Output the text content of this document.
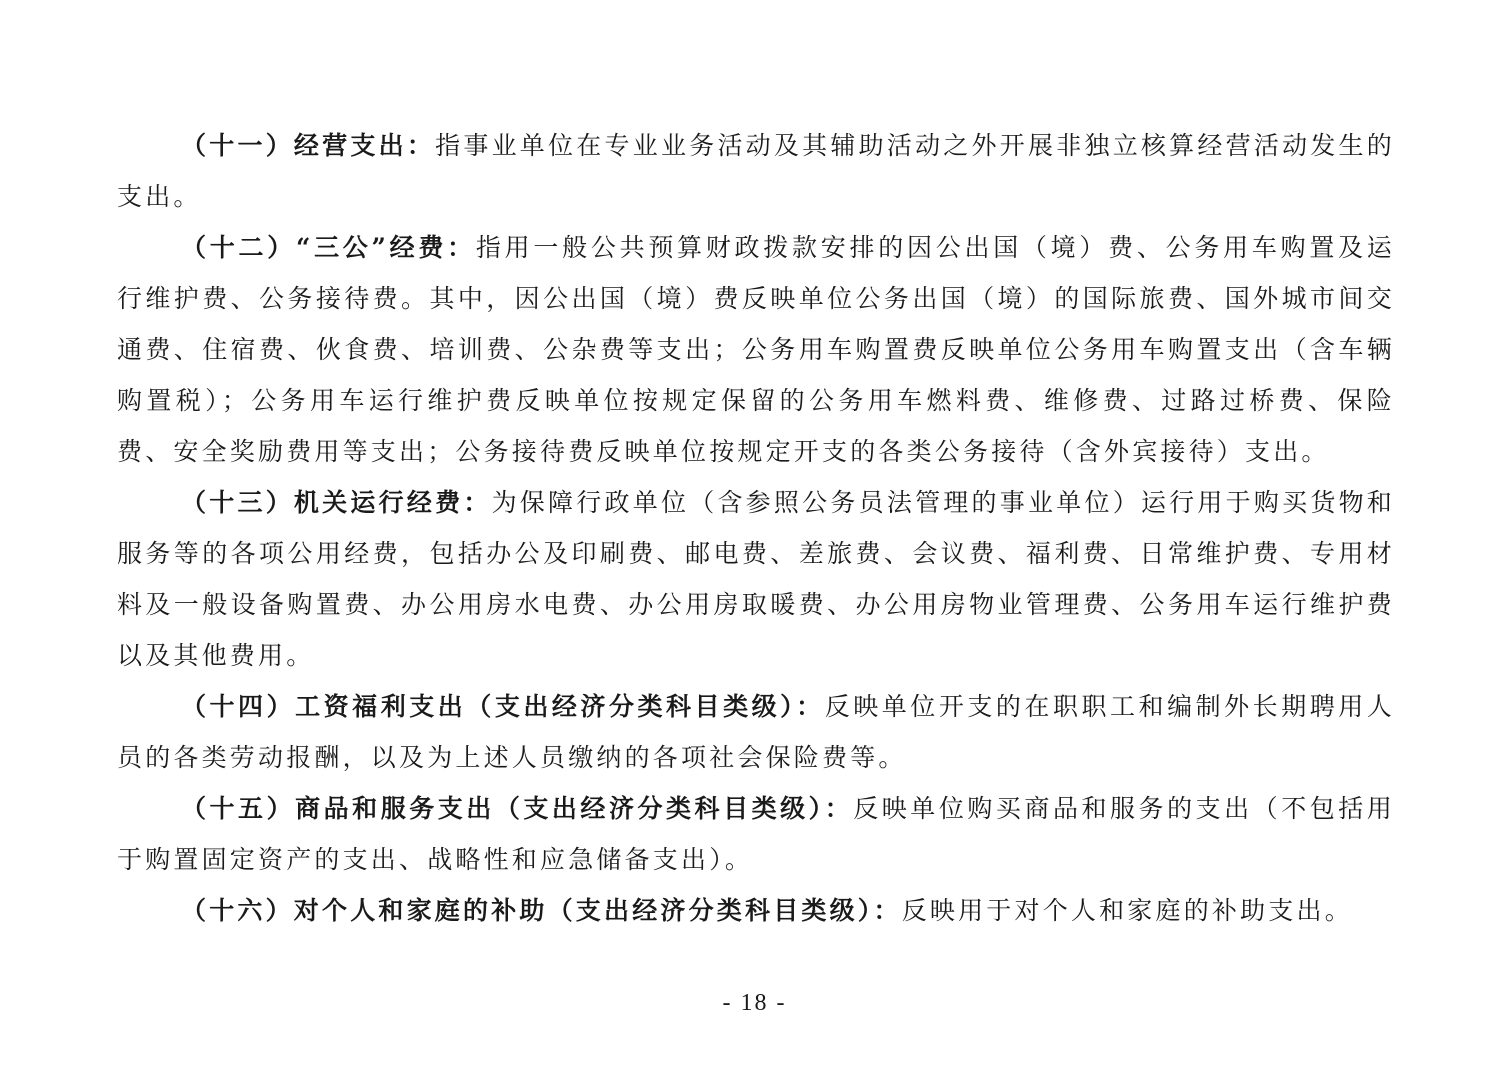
（十一）经营支出：指事业单位在专业业务活动及其辅助活动之外开展非独立核算经营活动发生的支出。

（十二）“三公”经费：指用一般公共预算财政拨款安排的因公出国（境）费、公务用车购置及运行维护费、公务接待费。其中，因公出国（境）费反映单位公务出国（境）的国际旅费、国外城市间交通费、住宿费、伙食费、培训费、公杂费等支出；公务用车购置费反映单位公务用车购置支出（含车辆购置税）；公务用车运行维护费反映单位按规定保留的公务用车燃料费、维修费、过路过桥费、保险费、安全奖励费用等支出；公务接待费反映单位按规定开支的各类公务接待（含外宾接待）支出。

（十三）机关运行经费：为保障行政单位（含参照公务员法管理的事业单位）运行用于购买货物和服务等的各项公用经费，包括办公及印刷费、邮电费、差旅费、会议费、福利费、日常维护费、专用材料及一般设备购置费、办公用房水电费、办公用房取暖费、办公用房物业管理费、公务用车运行维护费以及其他费用。

（十四）工资福利支出（支出经济分类科目类级）：反映单位开支的在职职工和编制外长期聘用人员的各类劳动报酬，以及为上述人员缴纳的各项社会保险费等。

（十五）商品和服务支出（支出经济分类科目类级）：反映单位购买商品和服务的支出（不包括用于购置固定资产的支出、战略性和应急储备支出）。

（十六）对个人和家庭的补助（支出经济分类科目类级）：反映用于对个人和家庭的补助支出。

- 18 -
